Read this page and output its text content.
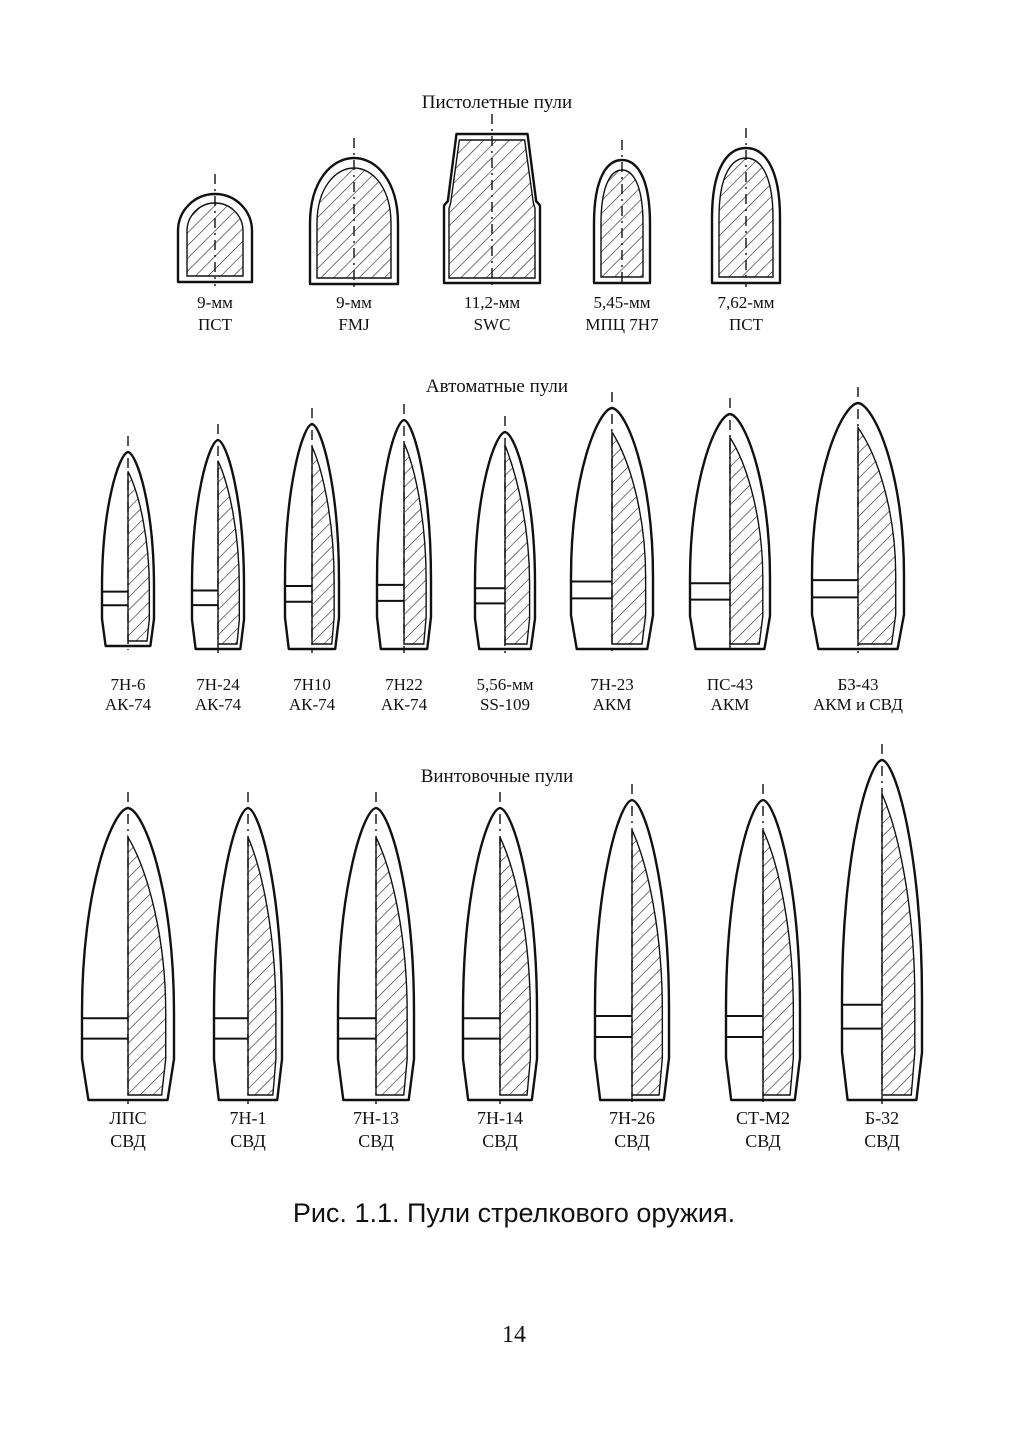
Пистолетные пули
9-мм
ПСТ
9-мм
FMJ
11,2-мм
SWC
5,45-мм
МПЦ 7Н7
7,62-мм
ПСТ
Автоматные пули
7Н-6
АК-74
7Н-24
АК-74
7Н10
АК-74
7Н22
АК-74
5,56-мм
SS-109
7Н-23
АКМ
ПС-43
АКМ
БЗ-43
АКМ и СВД
Винтовочные пули
ЛПС
СВД
7Н-1
СВД
7Н-13
СВД
7Н-14
СВД
7Н-26
СВД
СТ-М2
СВД
Б-32
СВД
Рис. 1.1. Пули стрелкового оружия.
14
